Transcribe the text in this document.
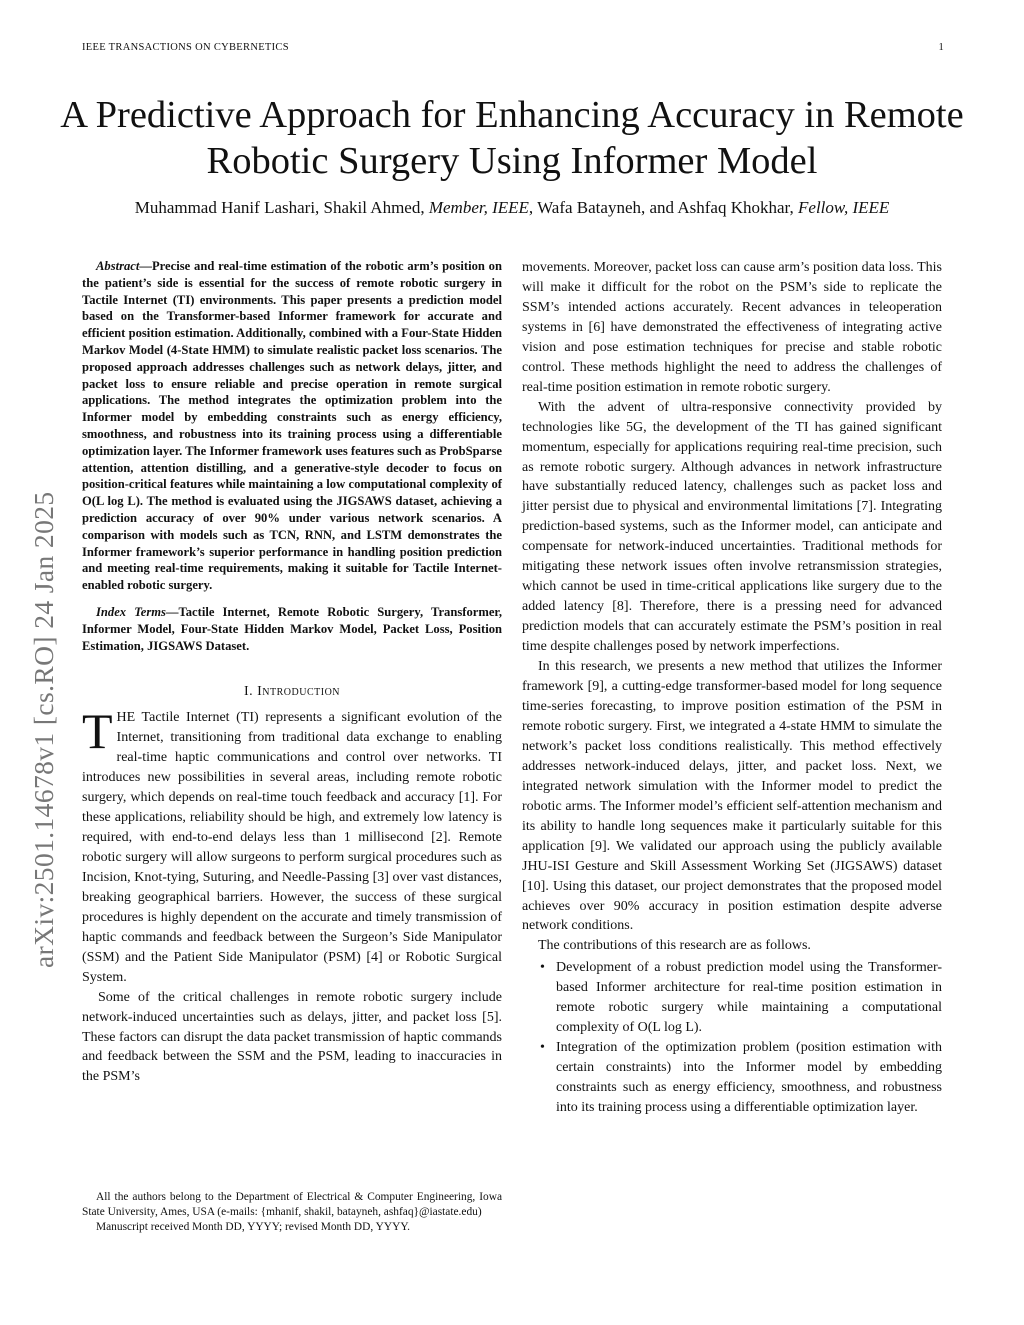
IEEE TRANSACTIONS ON CYBERNETICS	1
A Predictive Approach for Enhancing Accuracy in Remote Robotic Surgery Using Informer Model
Muhammad Hanif Lashari, Shakil Ahmed, Member, IEEE, Wafa Batayneh, and Ashfaq Khokhar, Fellow, IEEE
arXiv:2501.14678v1 [cs.RO] 24 Jan 2025

Abstract—Precise and real-time estimation of the robotic arm’s position on the patient’s side is essential for the success of remote robotic surgery in Tactile Internet (TI) environments. This paper presents a prediction model based on the Transformer-based Informer framework for accurate and efficient position estimation. Additionally, combined with a Four-State Hidden Markov Model (4-State HMM) to simulate realistic packet loss scenarios. The proposed approach addresses challenges such as network delays, jitter, and packet loss to ensure reliable and precise operation in remote surgical applications. The method integrates the optimization problem into the Informer model by embedding constraints such as energy efficiency, smoothness, and robustness into its training process using a differentiable optimization layer. The Informer framework uses features such as ProbSparse attention, attention distilling, and a generative-style decoder to focus on position-critical features while maintaining a low computational complexity of O(L log L). The method is evaluated using the JIGSAWS dataset, achieving a prediction accuracy of over 90% under various network scenarios. A comparison with models such as TCN, RNN, and LSTM demonstrates the Informer framework’s superior performance in handling position prediction and meeting real-time requirements, making it suitable for Tactile Internet-enabled robotic surgery.

Index Terms—Tactile Internet, Remote Robotic Surgery, Transformer, Informer Model, Four-State Hidden Markov Model, Packet Loss, Position Estimation, JIGSAWS Dataset.

I. Introduction

THE Tactile Internet (TI) represents a significant evolution of the Internet, transitioning from traditional data exchange to enabling real-time haptic communications and control over networks. TI introduces new possibilities in several areas, including remote robotic surgery, which depends on real-time touch feedback and accuracy [1]. For these applications, reliability should be high, and extremely low latency is required, with end-to-end delays less than 1 millisecond [2]. Remote robotic surgery will allow surgeons to perform surgical procedures such as Incision, Knot-tying, Suturing, and Needle-Passing [3] over vast distances, breaking geographical barriers. However, the success of these surgical procedures is highly dependent on the accurate and timely transmission of haptic commands and feedback between the Surgeon’s Side Manipulator (SSM) and the Patient Side Manipulator (PSM) [4] or Robotic Surgical System.

Some of the critical challenges in remote robotic surgery include network-induced uncertainties such as delays, jitter, and packet loss [5]. These factors can disrupt the data packet transmission of haptic commands and feedback between the SSM and the PSM, leading to inaccuracies in the PSM’s

All the authors belong to the Department of Electrical & Computer Engineering, Iowa State University, Ames, USA (e-mails: {mhanif, shakil, batayneh, ashfaq}@iastate.edu)

Manuscript received Month DD, YYYY; revised Month DD, YYYY.

movements. Moreover, packet loss can cause arm’s position data loss. This will make it difficult for the robot on the PSM’s side to replicate the SSM’s intended actions accurately. Recent advances in teleoperation systems in [6] have demonstrated the effectiveness of integrating active vision and pose estimation techniques for precise and stable robotic control. These methods highlight the need to address the challenges of real-time position estimation in remote robotic surgery.

With the advent of ultra-responsive connectivity provided by technologies like 5G, the development of the TI has gained significant momentum, especially for applications requiring real-time precision, such as remote robotic surgery. Although advances in network infrastructure have substantially reduced latency, challenges such as packet loss and jitter persist due to physical and environmental limitations [7]. Integrating prediction-based systems, such as the Informer model, can anticipate and compensate for network-induced uncertainties. Traditional methods for mitigating these network issues often involve retransmission strategies, which cannot be used in time-critical applications like surgery due to the added latency [8]. Therefore, there is a pressing need for advanced prediction models that can accurately estimate the PSM’s position in real time despite challenges posed by network imperfections.

In this research, we presents a new method that utilizes the Informer framework [9], a cutting-edge transformer-based model for long sequence time-series forecasting, to improve position estimation of the PSM in remote robotic surgery. First, we integrated a 4-state HMM to simulate the network’s packet loss conditions realistically. This method effectively addresses network-induced delays, jitter, and packet loss. Next, we integrated network simulation with the Informer model to predict the robotic arms. The Informer model’s efficient self-attention mechanism and its ability to handle long sequences make it particularly suitable for this application [9]. We validated our approach using the publicly available JHU-ISI Gesture and Skill Assessment Working Set (JIGSAWS) dataset [10]. Using this dataset, our project demonstrates that the proposed model achieves over 90% accuracy in position estimation despite adverse network conditions.

The contributions of this research are as follows.

• Development of a robust prediction model using the Transformer-based Informer architecture for real-time position estimation in remote robotic surgery while maintaining a computational complexity of O(L log L).
• Integration of the optimization problem (position estimation with certain constraints) into the Informer model by embedding constraints such as energy efficiency, smoothness, and robustness into its training process using a differentiable optimization layer.
